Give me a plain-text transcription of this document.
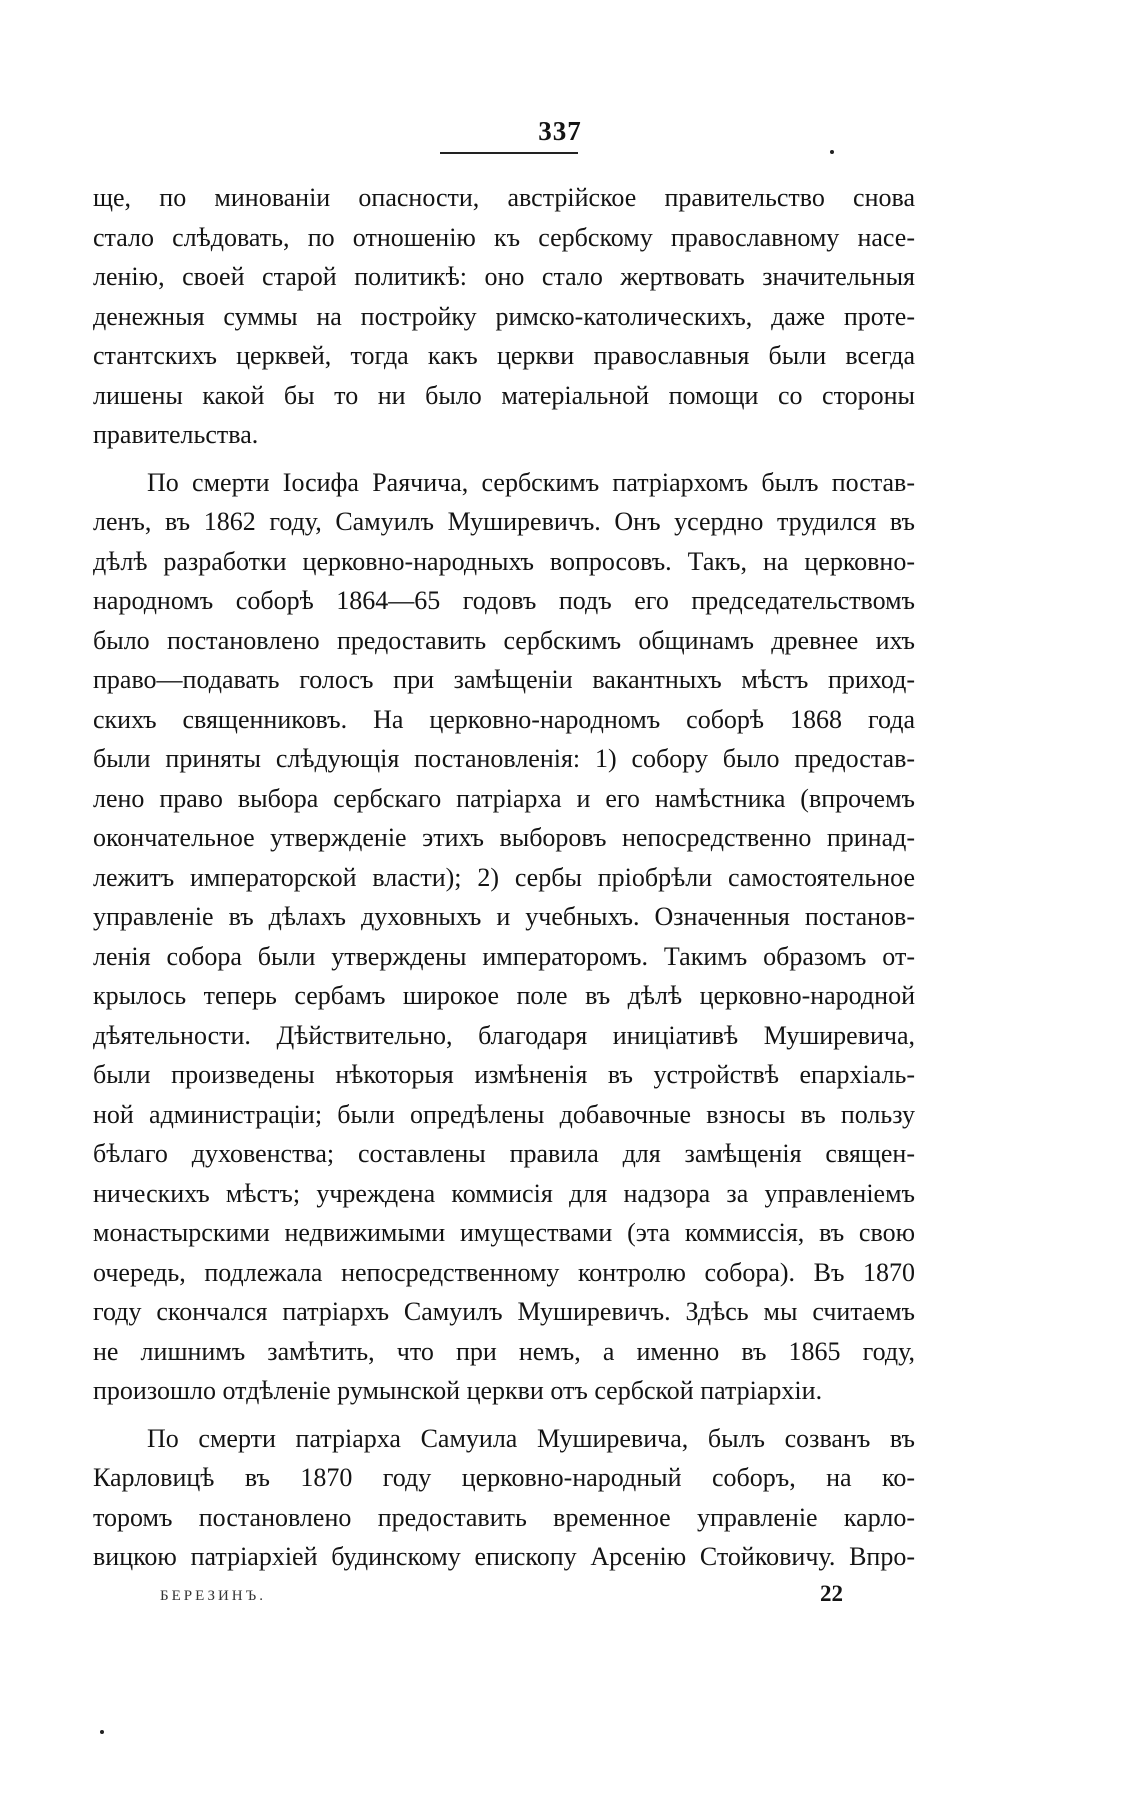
337
ще, по минованіи опасности, австрійское правительство снова
стало слѣдовать, по отношенію къ сербскому православному насе-
ленію, своей старой политикѣ: оно стало жертвовать значительныя
денежныя суммы на постройку римско-католическихъ, даже проте-
стантскихъ церквей, тогда какъ церкви православныя были всегда
лишены какой бы то ни было матеріальной помощи со стороны
правительства.
По смерти Іосифа Раячича, сербскимъ патріархомъ былъ постав-
ленъ, въ 1862 году, Самуилъ Муширевичъ. Онъ усердно трудился въ
дѣлѣ разработки церковно-народныхъ вопросовъ. Такъ, на церковно-
народномъ соборѣ 1864—65 годовъ подъ его председательствомъ
было постановлено предоставить сербскимъ общинамъ древнее ихъ
право—подавать голосъ при замѣщеніи вакантныхъ мѣстъ приход-
скихъ священниковъ. На церковно-народномъ соборѣ 1868 года
были приняты слѣдующія постановленія: 1) собору было предостав-
лено право выбора сербскаго патріарха и его намѣстника (впрочемъ
окончательное утвержденіе этихъ выборовъ непосредственно принад-
лежитъ императорской власти); 2) сербы пріобрѣли самостоятельное
управленіе въ дѣлахъ духовныхъ и учебныхъ. Означенныя постанов-
ленія собора были утверждены императоромъ. Такимъ образомъ от-
крылось теперь сербамъ широкое поле въ дѣлѣ церковно-народной
дѣятельности. Дѣйствительно, благодаря иниціативѣ Муширевича,
были произведены нѣкоторыя измѣненія въ устройствѣ епархіаль-
ной администраціи; были опредѣлены добавочные взносы въ пользу
бѣлаго духовенства; составлены правила для замѣщенія священ-
ническихъ мѣстъ; учреждена коммисія для надзора за управленіемъ
монастырскими недвижимыми имуществами (эта коммиссія, въ свою
очередь, подлежала непосредственному контролю собора). Въ 1870
году скончался патріархъ Самуилъ Муширевичъ. Здѣсь мы считаемъ
не лишнимъ замѣтить, что при немъ, а именно въ 1865 году,
произошло отдѣленіе румынской церкви отъ сербской патріархіи.
По смерти патріарха Самуила Муширевича, былъ созванъ въ
Карловицѣ въ 1870 году церковно-народный соборъ, на ко-
торомъ постановлено предоставить временное управленіе карло-
вицкою патріархіей будинскому епископу Арсенію Стойковичу. Впро-
БЕРЕЗИНЪ.	22
